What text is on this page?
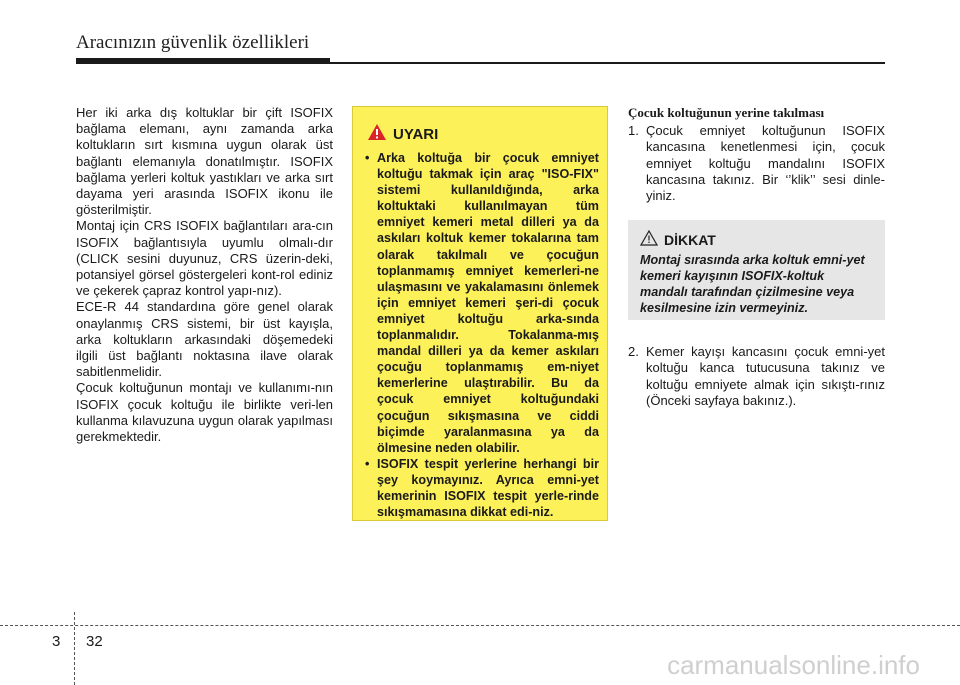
Aracınızın güvenlik özellikleri

Her iki arka dış koltuklar bir çift ISOFIX bağlama elemanı, aynı zamanda arka koltukların sırt kısmına uygun olarak üst bağlantı elemanıyla donatılmıştır. ISOFIX bağlama yerleri koltuk yastıkları ve arka sırt dayama yeri arasında ISOFIX ikonu ile gösterilmiştir.

Montaj için CRS ISOFIX bağlantıları ara-cın ISOFIX bağlantısıyla uyumlu olmalı-dır (CLICK sesini duyunuz, CRS üzerin-deki, potansiyel görsel göstergeleri kont-rol ediniz ve çekerek çapraz kontrol yapı-nız).

ECE-R 44 standardına göre genel olarak onaylanmış CRS sistemi, bir üst kayışla, arka koltukların arkasındaki döşemedeki ilgili üst bağlantı noktasına ilave olarak sabitlenmelidir.

Çocuk koltuğunun montajı ve kullanımı-nın ISOFIX çocuk koltuğu ile birlikte veri-len kullanma kılavuzuna uygun olarak yapılması gerekmektedir.

UYARI
• Arka koltuğa bir çocuk emniyet koltuğu takmak için araç "ISO-FIX" sistemi kullanıldığında, arka koltuktaki kullanılmayan tüm emniyet kemeri metal dilleri ya da askıları koltuk kemer tokalarına tam olarak takılmalı ve çocuğun toplanmamış emniyet kemerleri-ne ulaşmasını ve yakalamasını önlemek için emniyet kemeri şeri-di çocuk emniyet koltuğu arka-sında toplanmalıdır. Tokalanma-mış mandal dilleri ya da kemer askıları çocuğu toplanmamış em-niyet kemerlerine ulaştırabilir. Bu da çocuk emniyet koltuğundaki çocuğun sıkışmasına ve ciddi biçimde yaralanmasına ya da ölmesine neden olabilir.
• ISOFIX tespit yerlerine herhangi bir şey koymayınız. Ayrıca emni-yet kemerinin ISOFIX tespit yerle-rinde sıkışmamasına dikkat edi-niz.
Çocuk koltuğunun yerine takılması
1. Çocuk emniyet koltuğunun ISOFIX kancasına kenetlenmesi için, çocuk emniyet koltuğu mandalını ISOFIX kancasına takınız. Bir ‘’klik’’ sesi dinle-yiniz.
DİKKAT
Montaj sırasında arka koltuk emni-yet kemeri kayışının ISOFIX-koltuk mandalı tarafından çizilmesine veya kesilmesine izin vermeyiniz.
2. Kemer kayışı kancasını çocuk emni-yet koltuğu kanca tutucusuna takınız ve koltuğu emniyete almak için sıkıştı-rınız (Önceki sayfaya bakınız.).
3 32
carmanualsonline.info
